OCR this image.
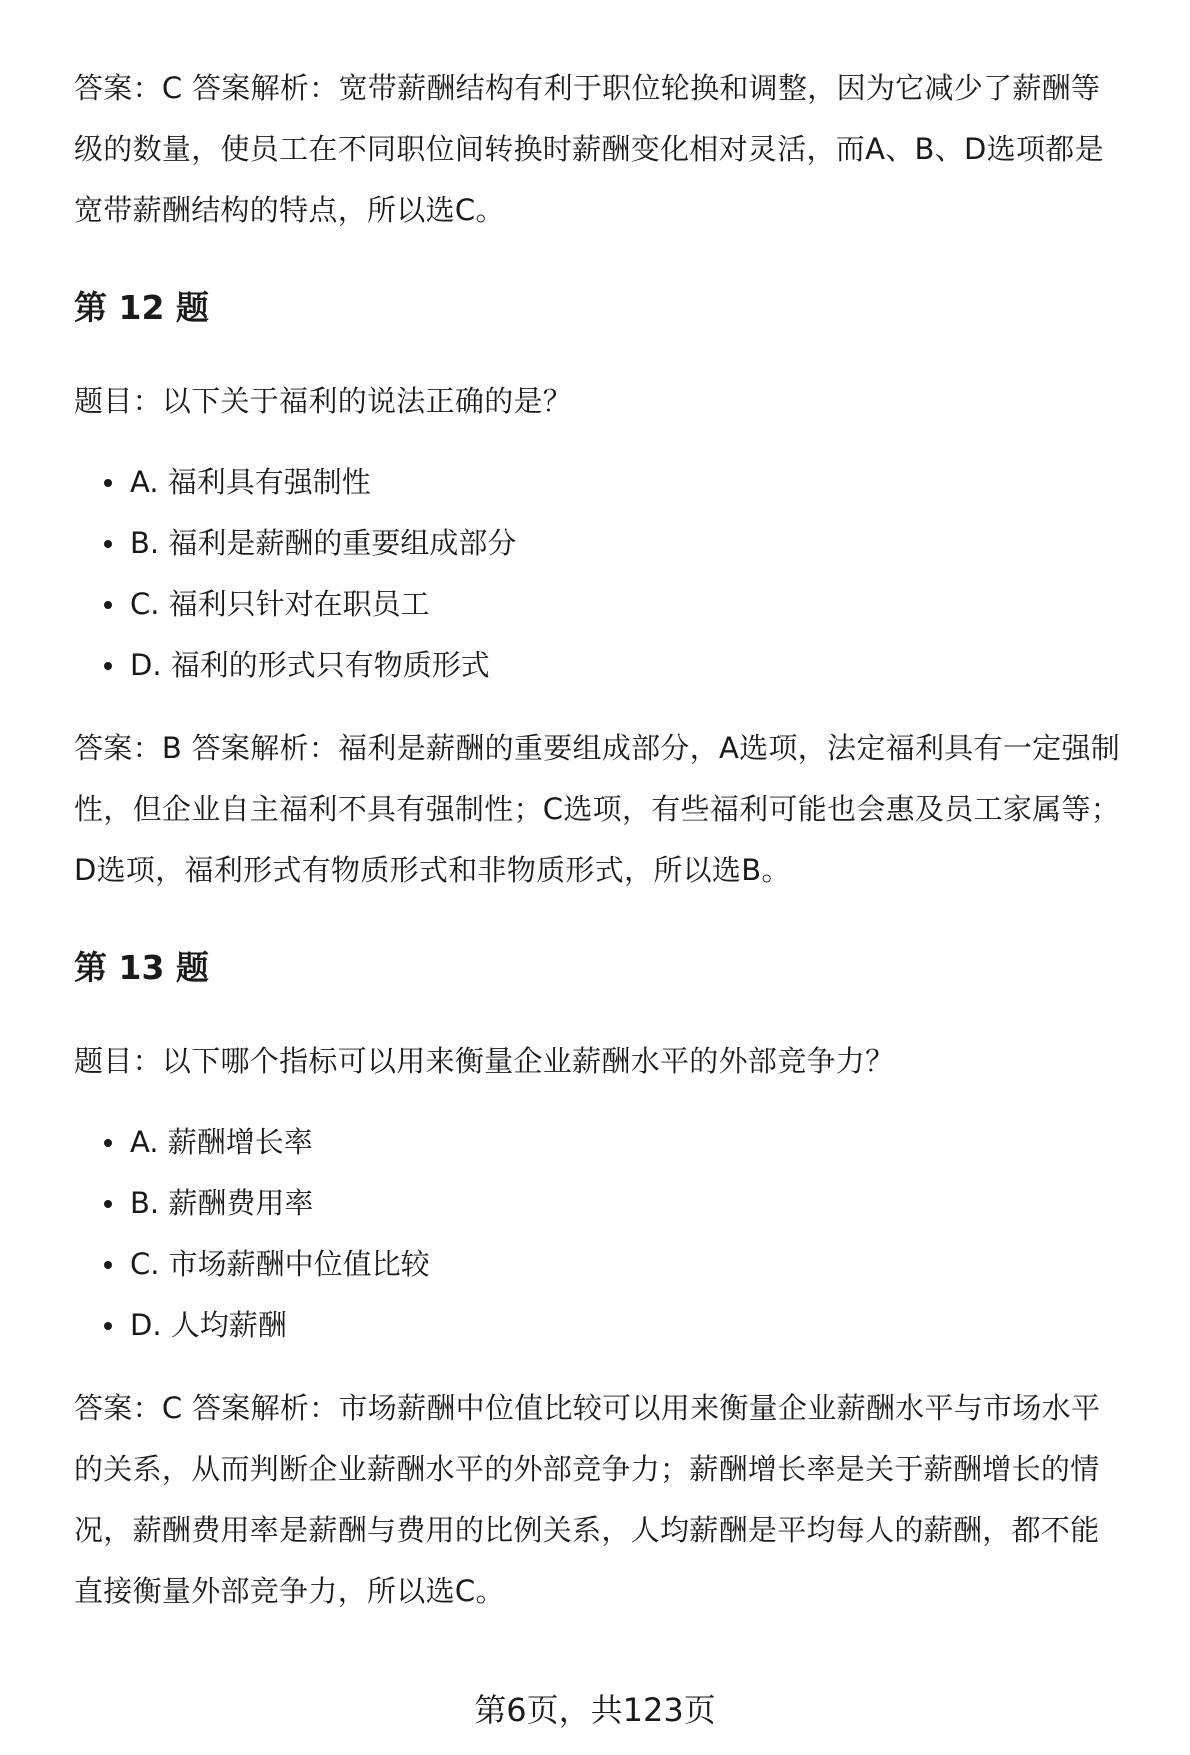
答案：C 答案解析：宽带薪酬结构有利于职位轮换和调整，因为它减少了薪酬等级的数量，使员工在不同职位间转换时薪酬变化相对灵活，而A、B、D选项都是宽带薪酬结构的特点，所以选C。

第 12 题

题目：以下关于福利的说法正确的是？

A. 福利具有强制性
B. 福利是薪酬的重要组成部分
C. 福利只针对在职员工
D. 福利的形式只有物质形式

答案：B 答案解析：福利是薪酬的重要组成部分，A选项，法定福利具有一定强制性，但企业自主福利不具有强制性；C选项，有些福利可能也会惠及员工家属等；D选项，福利形式有物质形式和非物质形式，所以选B。

第 13 题

题目：以下哪个指标可以用来衡量企业薪酬水平的外部竞争力？

A. 薪酬增长率
B. 薪酬费用率
C. 市场薪酬中位值比较
D. 人均薪酬

答案：C 答案解析：市场薪酬中位值比较可以用来衡量企业薪酬水平与市场水平的关系，从而判断企业薪酬水平的外部竞争力；薪酬增长率是关于薪酬增长的情况，薪酬费用率是薪酬与费用的比例关系，人均薪酬是平均每人的薪酬，都不能直接衡量外部竞争力，所以选C。

第6页，共123页
